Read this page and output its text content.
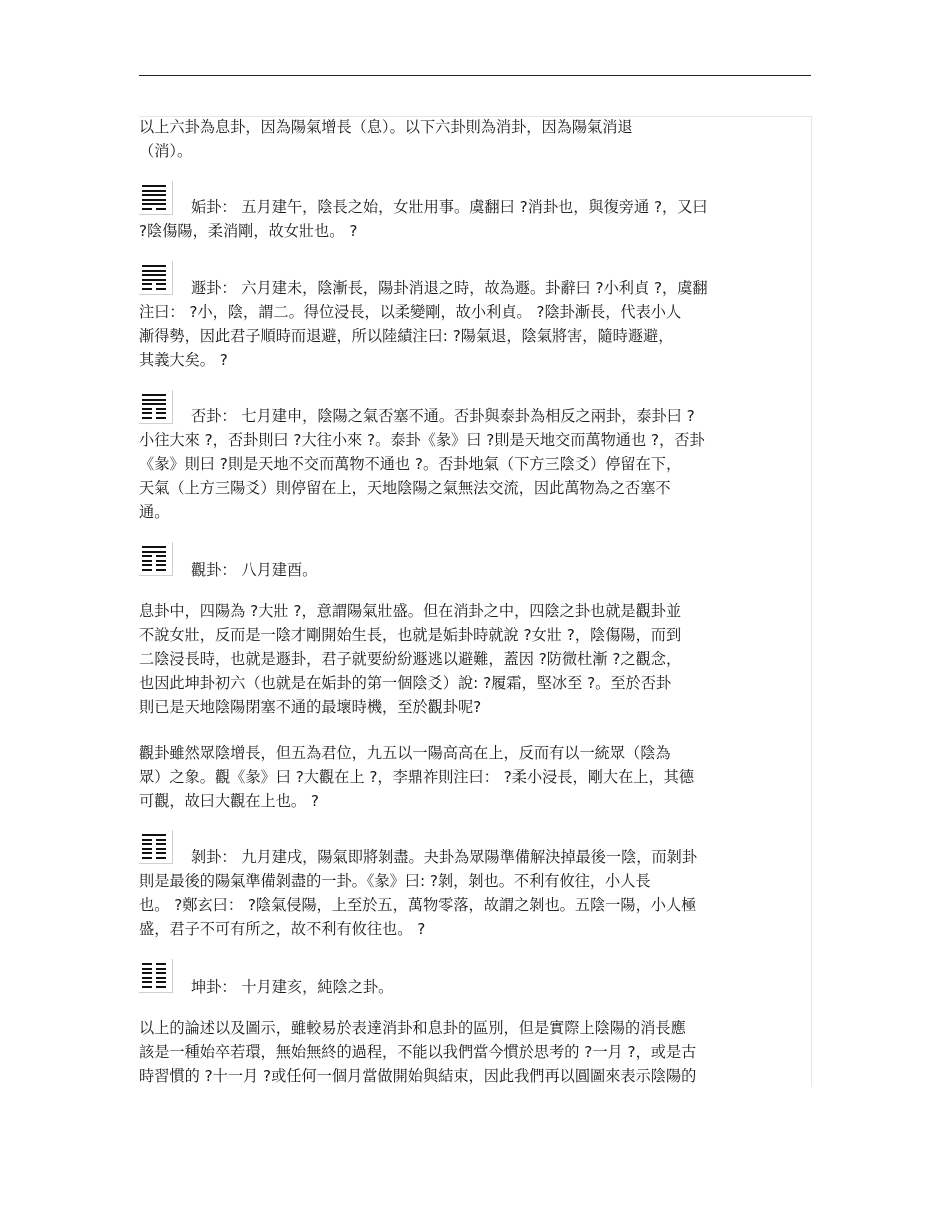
以上六卦為息卦，因為陽氣增長（息）。以下六卦則為消卦，因為陽氣消退
（消）。
姤卦： 五月建午，陰長之始，女壯用事。虞翻曰 ?消卦也，與復旁通 ?，又曰
?陰傷陽，柔消剛，故女壯也。 ?
遯卦： 六月建未，陰漸長，陽卦消退之時，故為遯。卦辭曰 ?小利貞 ?，虞翻
注曰： ?小，陰，謂二。得位浸長，以柔變剛，故小利貞。 ?陰卦漸長，代表小人
漸得勢，因此君子順時而退避，所以陸績注曰: ?陽氣退，陰氣將害，隨時遯避，
其義大矣。 ?
否卦： 七月建申，陰陽之氣否塞不通。否卦與泰卦為相反之兩卦，泰卦曰 ?
小往大來 ?，否卦則曰 ?大往小來 ?。泰卦《彖》曰 ?則是天地交而萬物通也 ?，否卦
《彖》則曰 ?則是天地不交而萬物不通也 ?。否卦地氣（下方三陰爻）停留在下，
天氣（上方三陽爻）則停留在上，天地陰陽之氣無法交流，因此萬物為之否塞不
通。
觀卦： 八月建酉。
息卦中，四陽為 ?大壯 ?，意謂陽氣壯盛。但在消卦之中，四陰之卦也就是觀卦並
不說女壯，反而是一陰才剛開始生長，也就是姤卦時就說 ?女壯 ?，陰傷陽，而到
二陰浸長時，也就是遯卦，君子就要紛紛遯逃以避難，蓋因 ?防微杜漸 ?之觀念，
也因此坤卦初六（也就是在姤卦的第一個陰爻）說: ?履霜，堅冰至 ?。至於否卦
則已是天地陰陽閉塞不通的最壞時機，至於觀卦呢?
觀卦雖然眾陰增長，但五為君位，九五以一陽高高在上，反而有以一統眾（陰為
眾）之象。觀《彖》曰 ?大觀在上 ?，李鼎祚則注曰： ?柔小浸長，剛大在上，其德
可觀，故曰大觀在上也。 ?
剝卦： 九月建戌，陽氣即將剝盡。夬卦為眾陽準備解決掉最後一陰，而剝卦
則是最後的陽氣準備剝盡的一卦。《彖》曰: ?剝，剝也。不利有攸往，小人長
也。 ?鄭玄曰： ?陰氣侵陽，上至於五，萬物零落，故謂之剝也。五陰一陽，小人極
盛，君子不可有所之，故不利有攸往也。 ?
坤卦： 十月建亥，純陰之卦。
以上的論述以及圖示，雖較易於表達消卦和息卦的區別，但是實際上陰陽的消長應
該是一種始卒若環，無始無終的過程，不能以我們當今慣於思考的 ?一月 ?，或是古
時習慣的 ?十一月 ?或任何一個月當做開始與結束，因此我們再以圓圖來表示陰陽的
